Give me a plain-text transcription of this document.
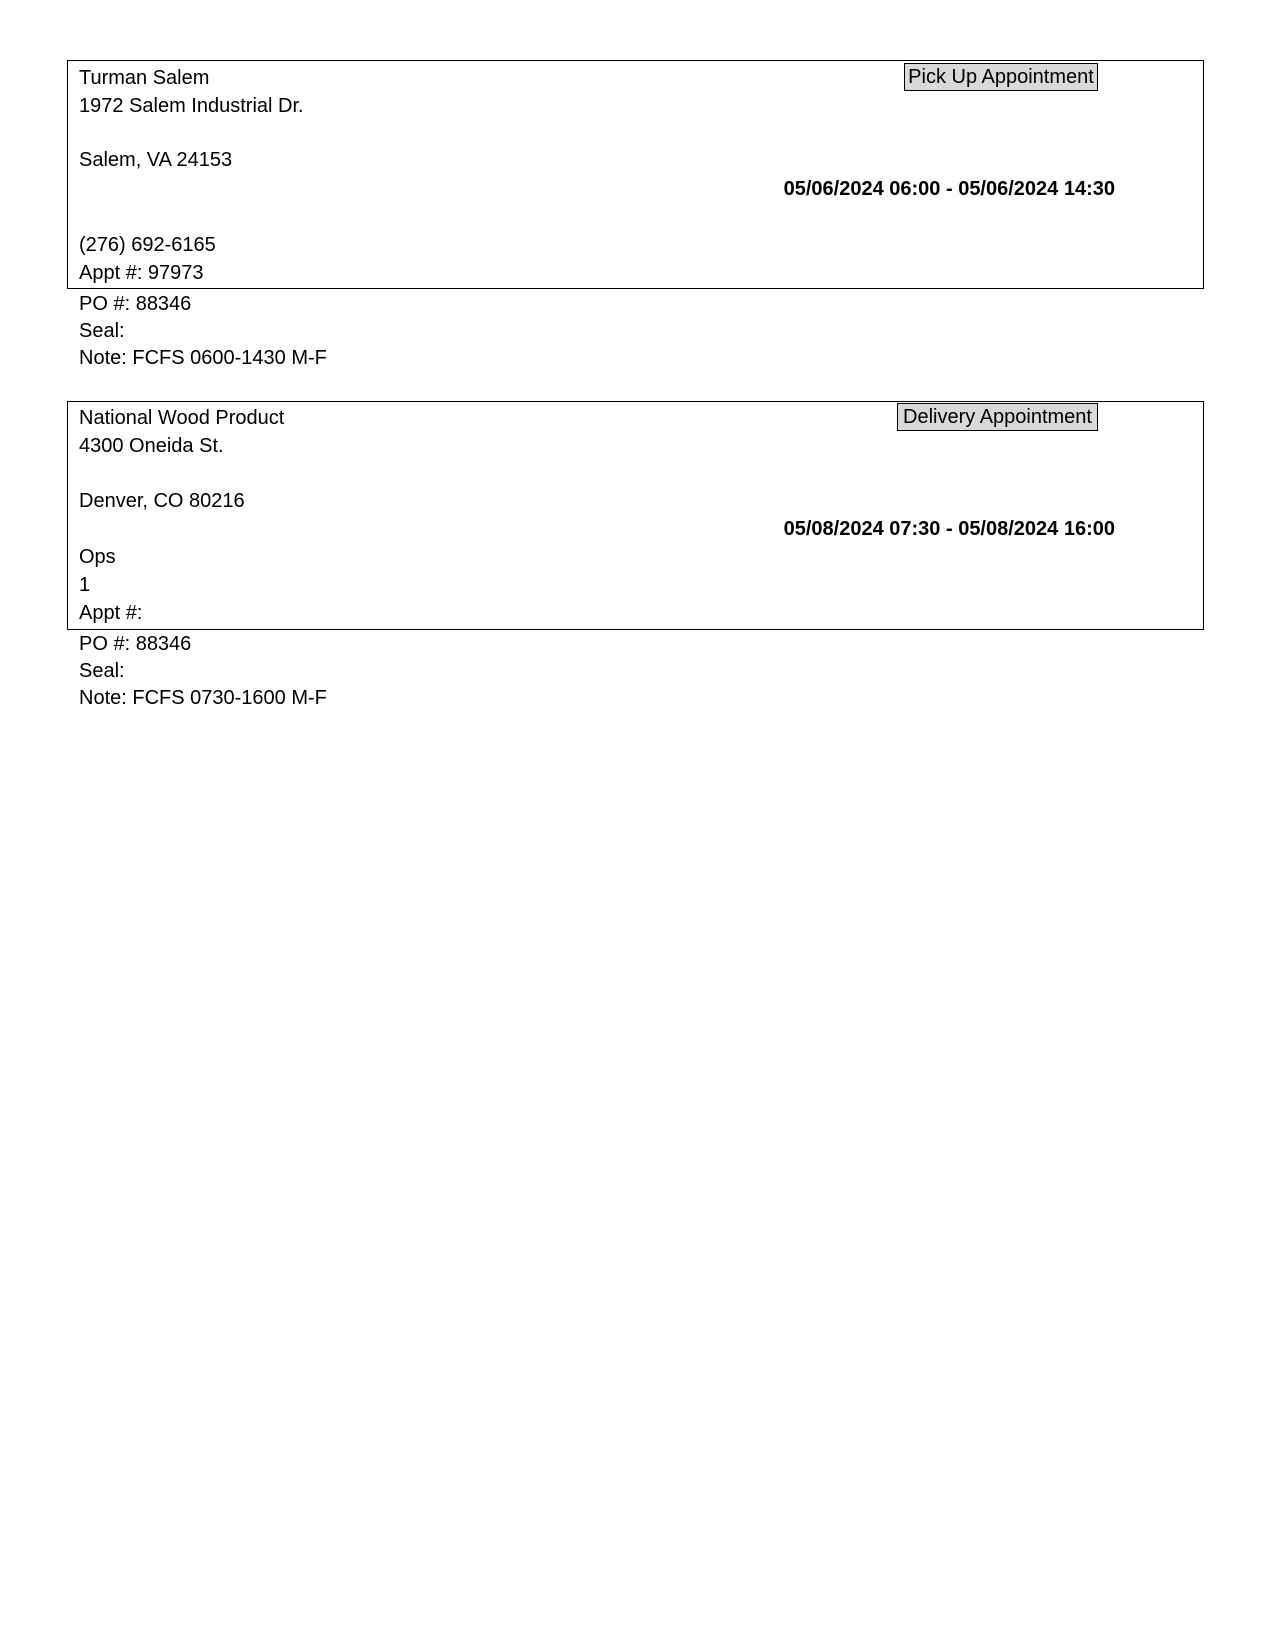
Turman Salem
1972 Salem Industrial Dr.
Salem, VA 24153
Pick Up Appointment
05/06/2024 06:00 - 05/06/2024 14:30
(276) 692-6165
Appt #: 97973
PO #: 88346
Seal:
Note: FCFS 0600-1430 M-F
National Wood Product
4300 Oneida St.
Denver, CO 80216
Delivery Appointment
05/08/2024 07:30 - 05/08/2024 16:00
Ops
1
Appt #:
PO #: 88346
Seal:
Note: FCFS 0730-1600 M-F
